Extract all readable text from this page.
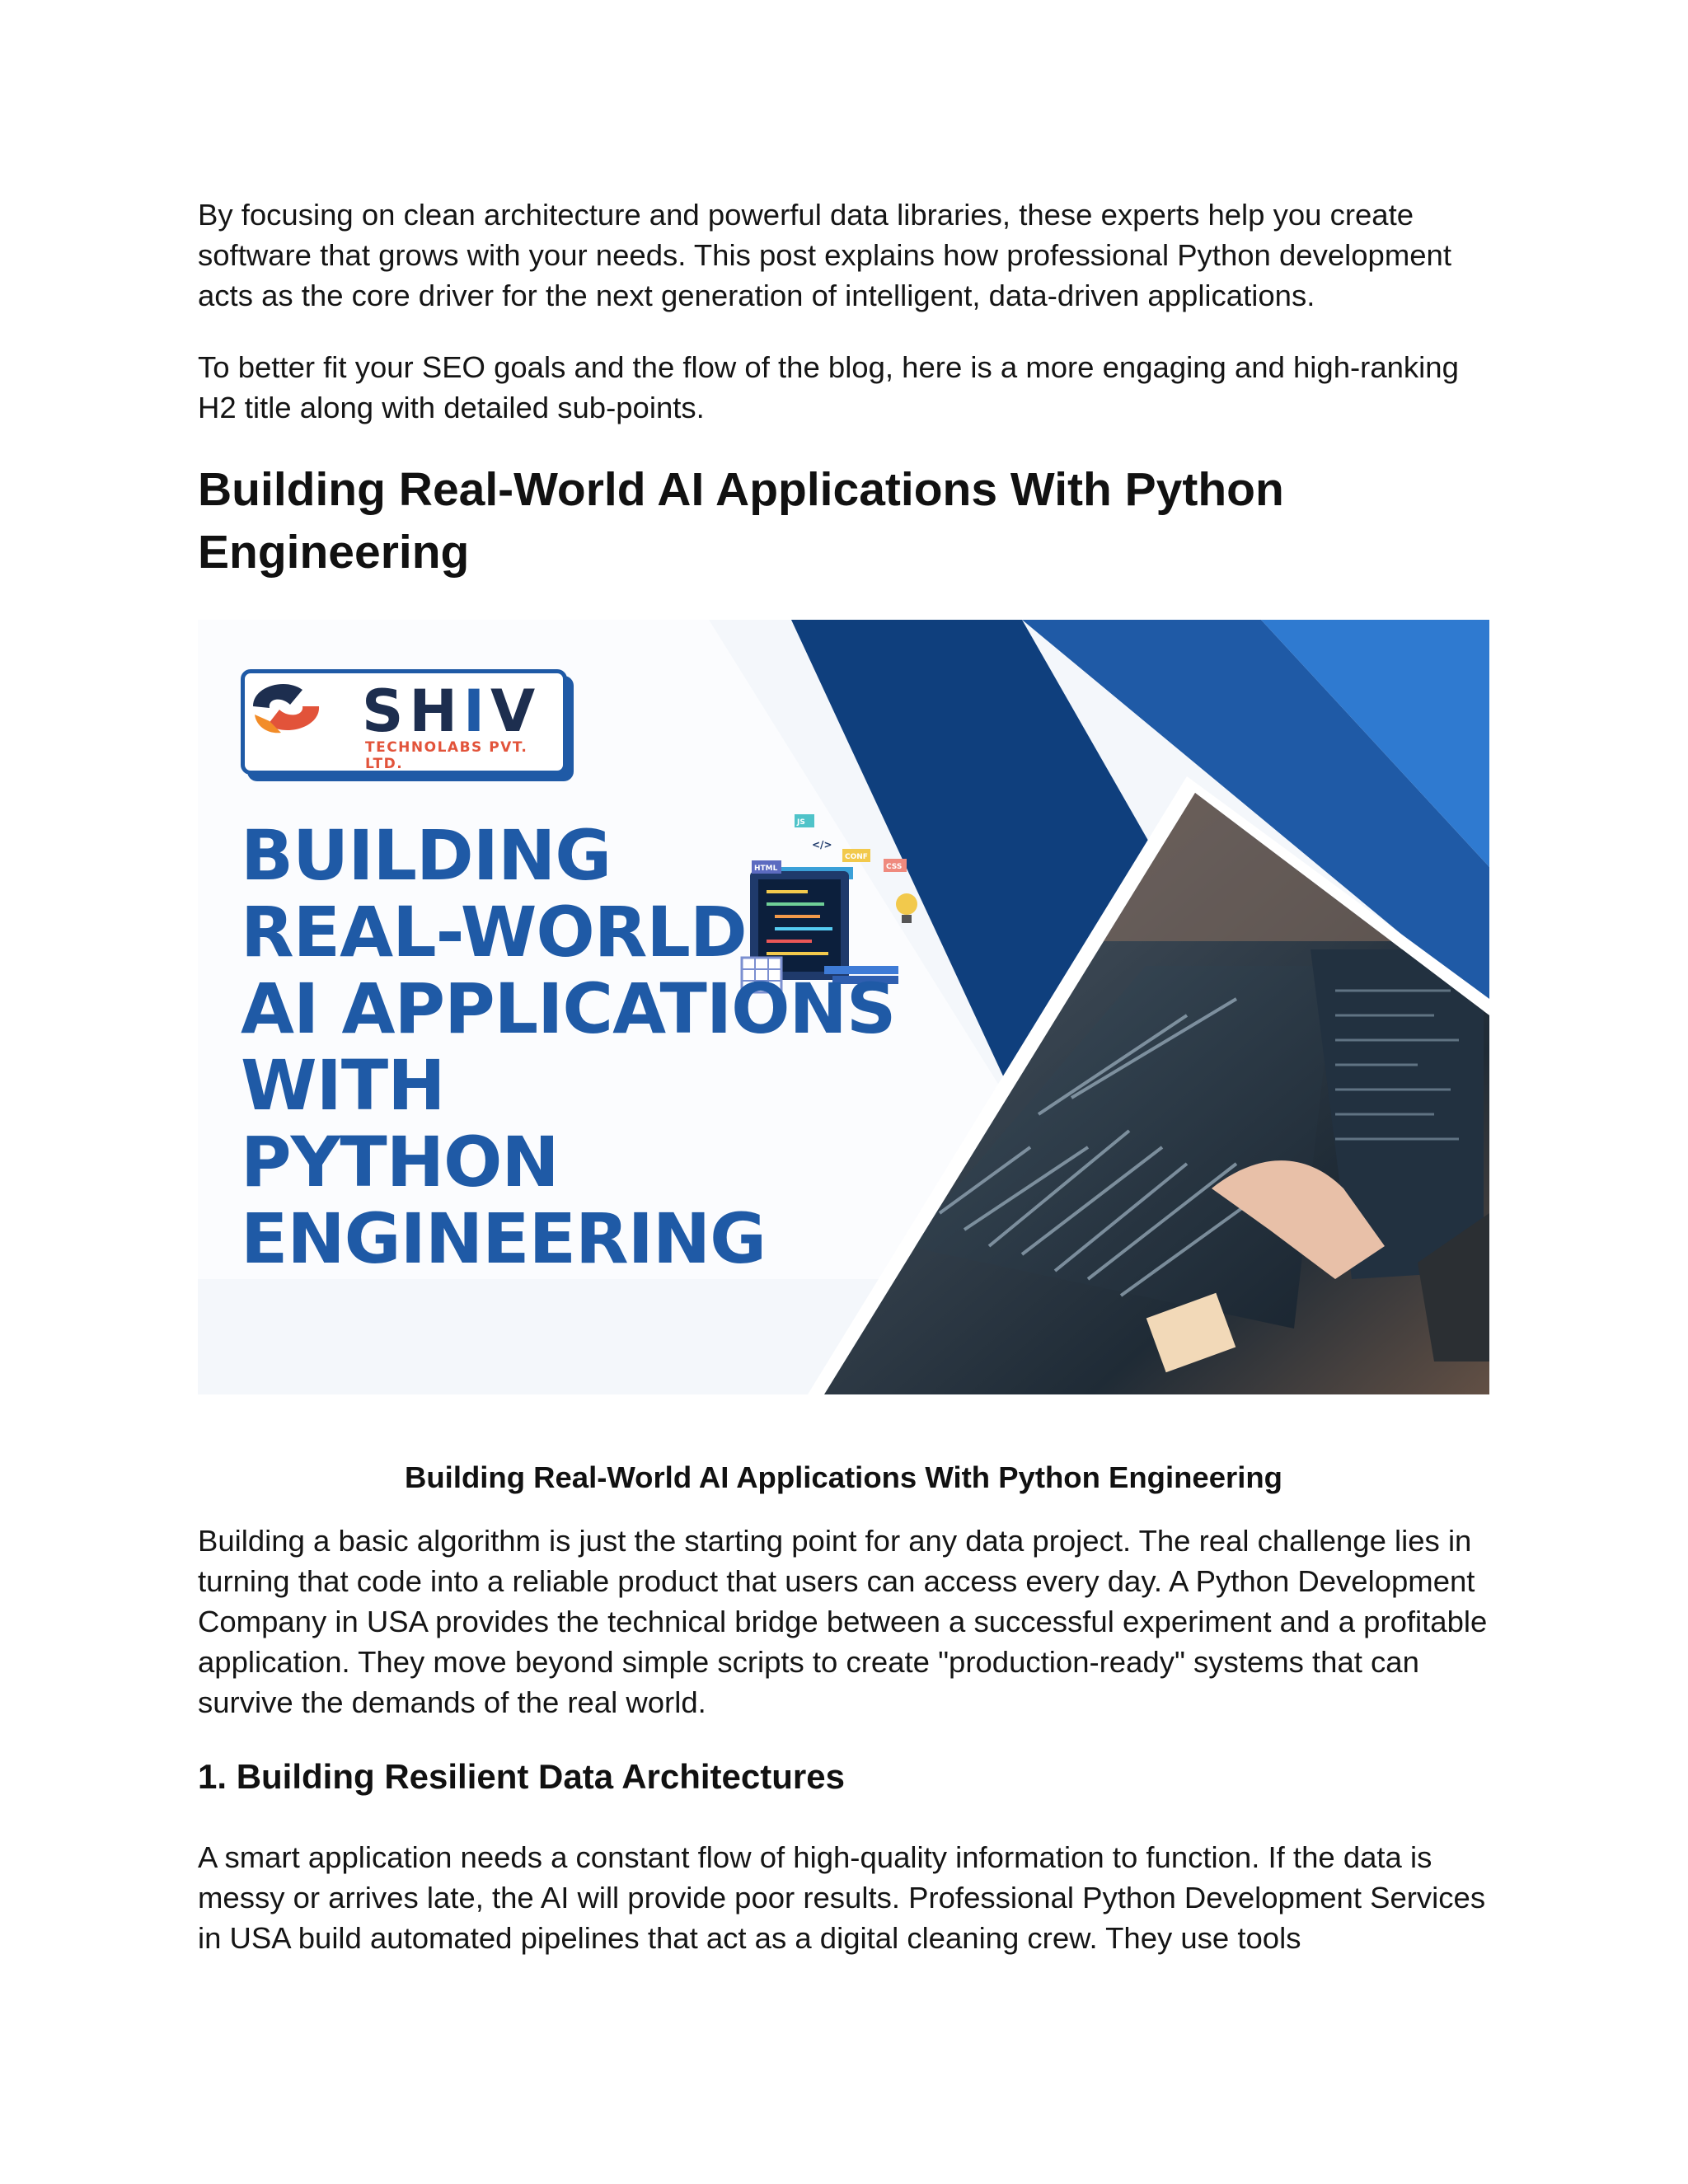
By focusing on clean architecture and powerful data libraries, these experts help you create software that grows with your needs. This post explains how professional Python development acts as the core driver for the next generation of intelligent, data-driven applications.

To better fit your SEO goals and the flow of the blog, here is a more engaging and high-ranking H2 title along with detailed sub-points.

Building Real-World AI Applications With Python Engineering
JS
</>
CONF
HTML	CSS
SHIV
TECHNOLABS PVT. LTD.
BUILDING
REAL-WORLD
AI APPLICATIONS
WITH
PYTHON
ENGINEERING

Building Real-World AI Applications With Python Engineering

Building a basic algorithm is just the starting point for any data project. The real challenge lies in turning that code into a reliable product that users can access every day. A Python Development Company in USA provides the technical bridge between a successful experiment and a profitable application. They move beyond simple scripts to create "production-ready" systems that can survive the demands of the real world.

1. Building Resilient Data Architectures

A smart application needs a constant flow of high-quality information to function. If the data is messy or arrives late, the AI will provide poor results. Professional Python Development Services in USA build automated pipelines that act as a digital cleaning crew. They use tools
